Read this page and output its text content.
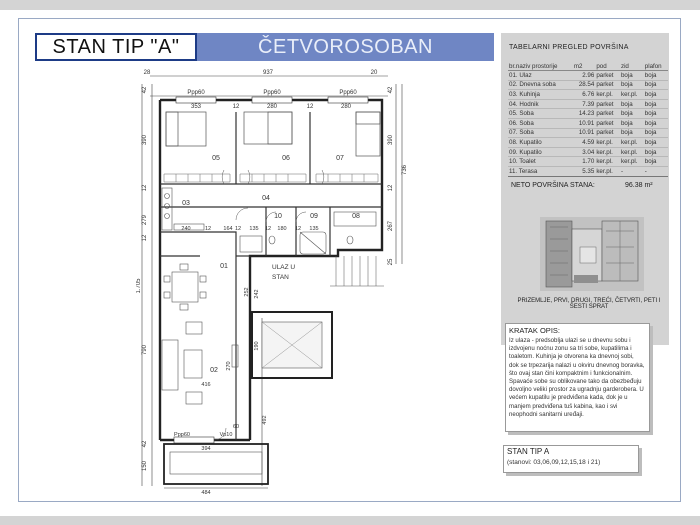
STAN TIP "A"	ČETVOROSOBAN	TABELARNI PREGLED POVRŠINA
br.naziv prostorije	m2	pod	zid	plafon
01. Ulaz	2.96	parket	boja	boja
02. Dnevna soba	28.54	parket	boja	boja
03. Kuhinja	6.76	ker.pl.	ker.pl.	boja
04. Hodnik	7.39	parket	boja	boja
05. Soba	14.23	parket	boja	boja
06. Soba	10.91	parket	boja	boja
07. Soba	10.91	parket	boja	boja
08. Kupatilo	4.59	ker.pl.	ker.pl.	boja
09. Kupatilo	3.04	ker.pl.	ker.pl.	boja
10. Toalet	1.70	ker.pl.	ker.pl.	boja
11. Terasa	5.35	ker.pl.	-	-
NETO POVRŠINA STANA:	96.38 m²
PRIZEMLJE, PRVI, DRUGI, TREĆI, ČETVRTI, PETI I ŠESTI SPRAT
KRATAK OPIS:
Iz ulaza - predsoblja ulazi se u dnevnu sobu i izdvojenu noćnu zonu sa tri sobe, kupatilima i toaletom. Kuhinja je otvorena ka dnevnoj sobi, dok se trpezarija nalazi u okviru dnevnog boravka, što ovaj stan čini kompaktnim i funkcionalnim. Spavaće sobe su oblikovane tako da obezbeđuju dovoljno veliki prostor za ugradnju garderobera. U većem kupatilu je predviđena kada, dok je u manjem predviđena tuš kabina, kao i svi neophodni sanitarni uređaji.
STAN TIP A
(stanovi: 03,06,09,12,15,18 i 21)
05	06	07
03
04
10	09	08
01
02
ULAZ U
STAN
28	937	20
353	12	280	12	280
Ppp60	Ppp60	Ppp60
42
390
12
279
12
1.705
790
42
150
42
390
736
12
267
25
240	12 164 12 135 12 180 12 135
252 242
190
270
492
416
60
394
484
Ppp60	Vp10
